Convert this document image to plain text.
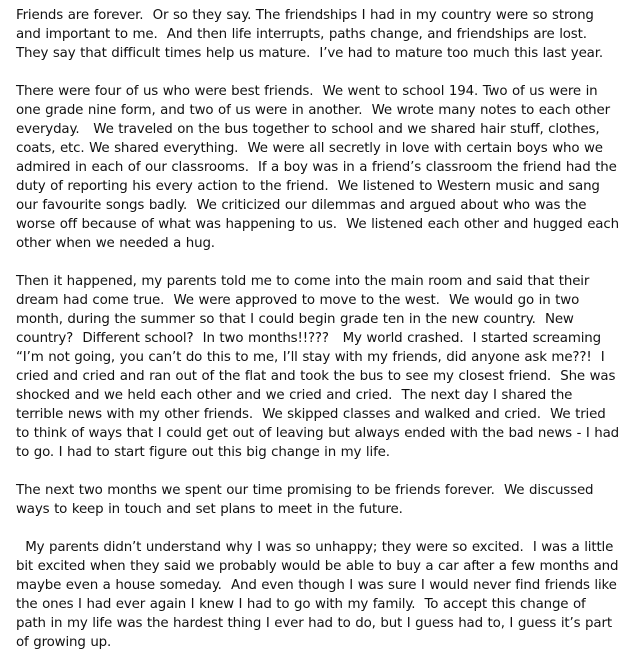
Friends are forever.  Or so they say. The friendships I had in my country were so strong and important to me.  And then life interrupts, paths change, and friendships are lost.  They say that difficult times help us mature.  I’ve had to mature too much this last year.

There were four of us who were best friends.  We went to school 194. Two of us were in one grade nine form, and two of us were in another.  We wrote many notes to each other everyday.   We traveled on the bus together to school and we shared hair stuff, clothes, coats, etc. We shared everything.  We were all secretly in love with certain boys who we admired in each of our classrooms.  If a boy was in a friend’s classroom the friend had the duty of reporting his every action to the friend.  We listened to Western music and sang our favourite songs badly.  We criticized our dilemmas and argued about who was the worse off because of what was happening to us.  We listened each other and hugged each other when we needed a hug.

Then it happened, my parents told me to come into the main room and said that their dream had come true.  We were approved to move to the west.  We would go in two month, during the summer so that I could begin grade ten in the new country.  New country?  Different school?  In two months!!???   My world crashed.  I started screaming “I’m not going, you can’t do this to me, I’ll stay with my friends, did anyone ask me??!  I cried and cried and ran out of the flat and took the bus to see my closest friend.  She was shocked and we held each other and we cried and cried.  The next day I shared the terrible news with my other friends.  We skipped classes and walked and cried.  We tried to think of ways that I could get out of leaving but always ended with the bad news - I had to go. I had to start figure out this big change in my life.

The next two months we spent our time promising to be friends forever.  We discussed ways to keep in touch and set plans to meet in the future.

My parents didn’t understand why I was so unhappy; they were so excited.  I was a little bit excited when they said we probably would be able to buy a car after a few months and maybe even a house someday.  And even though I was sure I would never find friends like the ones I had ever again I knew I had to go with my family.  To accept this change of path in my life was the hardest thing I ever had to do, but I guess had to, I guess it’s part of growing up.
